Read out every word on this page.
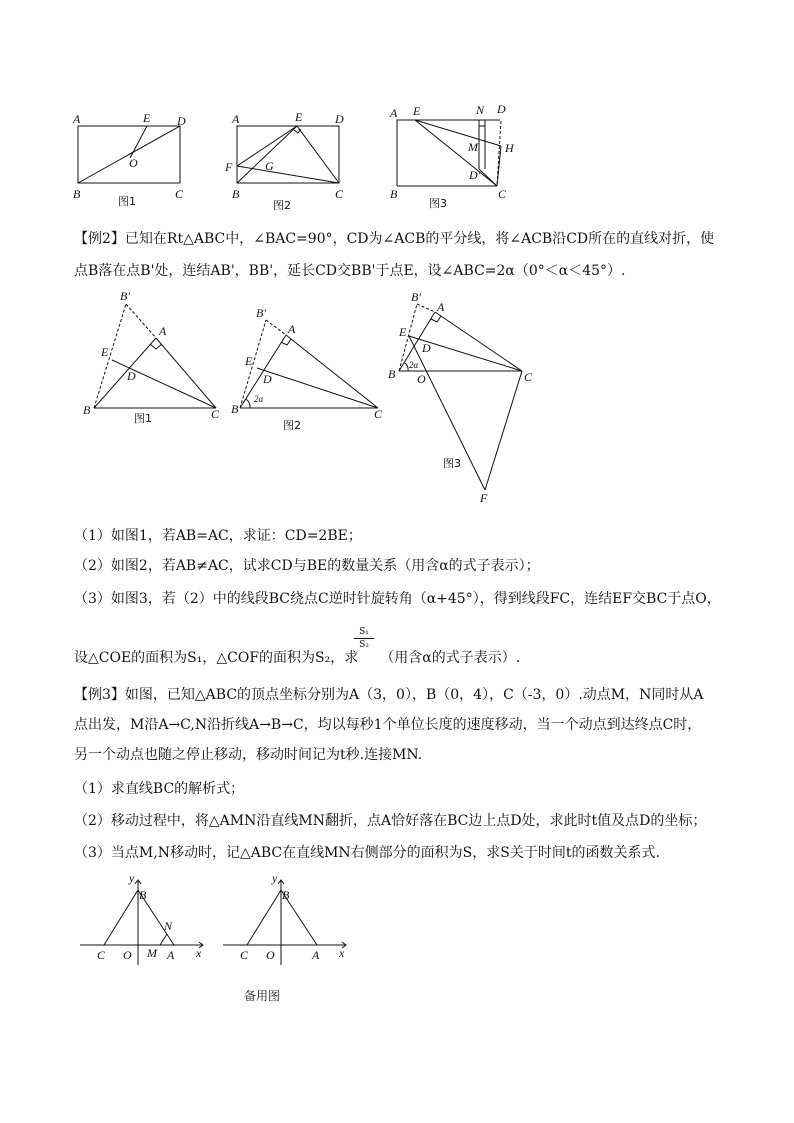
A	E D
O
B	C
图1
A	E	D
F	G
B	C
图2
A E	N D
M H
D'
B	C
图3
【例2】已知在Rt△ABC中，∠BAC=90°，CD为∠ACB的平分线，将∠ACB沿CD所在的直线对折，使
点B落在点B'处，连结AB'，BB'，延长CD交BB'于点E，设∠ABC=2α（0°＜α＜45°）.
B'
A
E
D
B	C
图1
B'
A
E
D
B	C
2α
图2
B'
A
E
D
B O	C
F
2α
图3
（1）如图1，若AB=AC，求证：CD=2BE；
（2）如图2，若AB≠AC，试求CD与BE的数量关系（用含α的式子表示）；
（3）如图3，若（2）中的线段BC绕点C逆时针旋转角（α+45°），得到线段FC，连结EF交BC于点O，
设△COE的面积为S₁，△COF的面积为S₂，求 （用含α的式子表示）.
$\frac{\text{S₁}}{\text{S₂}}$
【例3】如图，已知△ABC的顶点坐标分别为A（3，0），B（0，4），C（-3，0）.动点M，N同时从A
点出发，M沿A→C,N沿折线A→B→C，均以每秒1个单位长度的速度移动，当一个动点到达终点C时，
另一个动点也随之停止移动，移动时间记为t秒.连接MN.
（1）求直线BC的解析式；
（2）移动过程中，将△AMN沿直线MN翻折，点A恰好落在BC边上点D处，求此时t值及点D的坐标；
（3）当点M,N移动时，记△ABC在直线MN右侧部分的面积为S，求S关于时间t的函数关系式.
y
B
N
C O M A x
y
B
C O	A x
备用图
